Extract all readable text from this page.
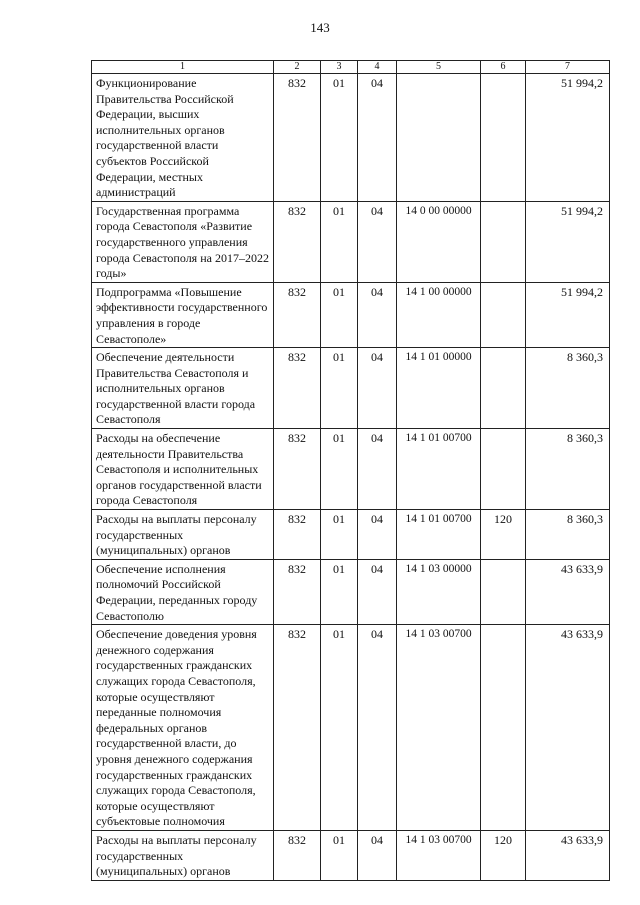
143
1	2	3	4	5	6	7
Функционирование Правительства Российской Федерации, высших исполнительных органов государственной власти субъектов Российской Федерации, местных администраций	832	01	04			51 994,2
Государственная программа города Севастополя «Развитие государственного управления города Севастополя на 2017–2022 годы»	832	01	04	14 0 00 00000		51 994,2
Подпрограмма «Повышение эффективности государственного управления в городе Севастополе»	832	01	04	14 1 00 00000		51 994,2
Обеспечение деятельности Правительства Севастополя и исполнительных органов государственной власти города Севастополя	832	01	04	14 1 01 00000		8 360,3
Расходы на обеспечение деятельности Правительства Севастополя и исполнительных органов государственной власти города Севастополя	832	01	04	14 1 01 00700		8 360,3
Расходы на выплаты персоналу государственных (муниципальных) органов	832	01	04	14 1 01 00700	120	8 360,3
Обеспечение исполнения полномочий Российской Федерации, переданных городу Севастополю	832	01	04	14 1 03 00000		43 633,9
Обеспечение доведения уровня денежного содержания государственных гражданских служащих города Севастополя, которые осуществляют переданные полномочия федеральных органов государственной власти, до уровня денежного содержания государственных гражданских служащих города Севастополя, которые осуществляют субъектовые полномочия	832	01	04	14 1 03 00700		43 633,9
Расходы на выплаты персоналу государственных (муниципальных) органов	832	01	04	14 1 03 00700	120	43 633,9
